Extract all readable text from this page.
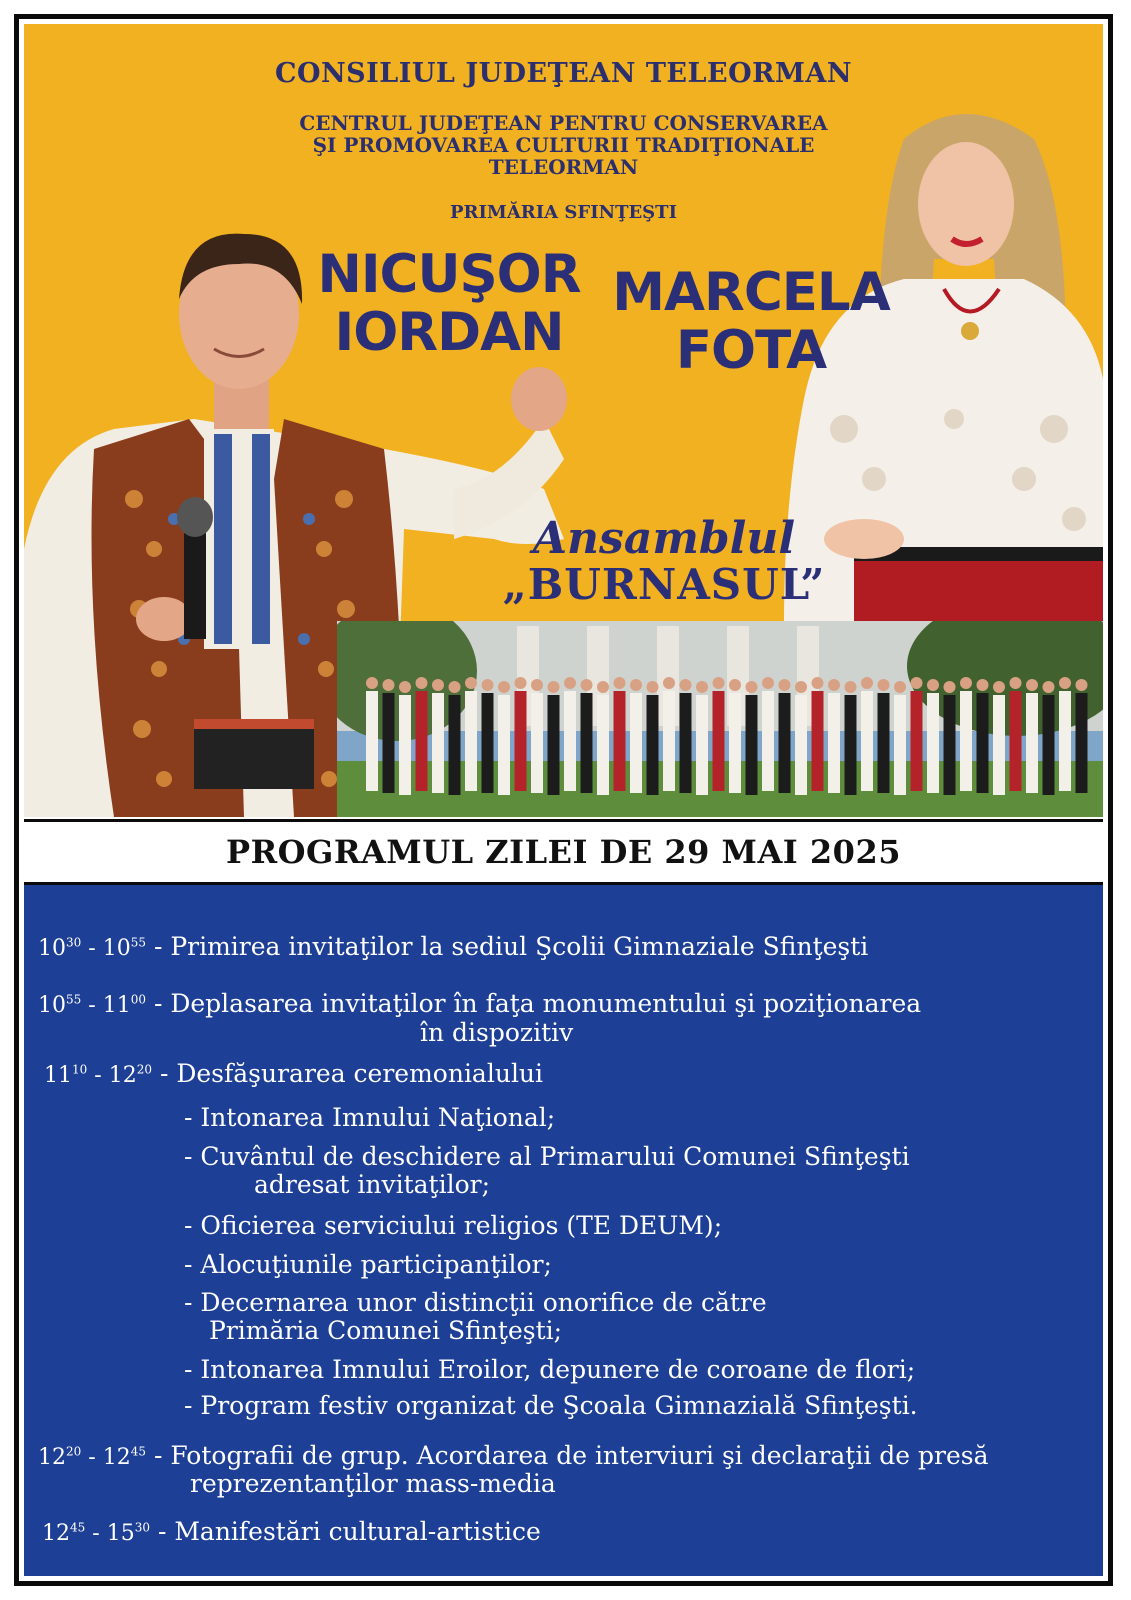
CONSILIUL JUDEŢEAN TELEORMAN
CENTRUL JUDEŢEAN PENTRU CONSERVAREA
ŞI PROMOVAREA CULTURII TRADIŢIONALE
TELEORMAN
PRIMĂRIA SFINŢEŞTI
NICUŞOR
IORDAN
MARCELA
FOTA
Ansamblul
„BURNASUL”
PROGRAMUL ZILEI DE 29 MAI 2025
$10^{30} - 10^{55}$ - Primirea invitaţilor la sediul Şcolii Gimnaziale Sfinţeşti
$10^{55} - 11^{00}$ - Deplasarea invitaţilor în faţa monumentului şi poziţionarea
în dispozitiv
$11^{10} - 12^{20}$ - Desfăşurarea ceremonialului
- Intonarea Imnului Naţional;
- Cuvântul de deschidere al Primarului Comunei Sfinţeşti
adresat invitaţilor;
- Oficierea serviciului religios (TE DEUM);
- Alocuţiunile participanţilor;
- Decernarea unor distincţii onorifice de către
Primăria Comunei Sfinţeşti;
- Intonarea Imnului Eroilor, depunere de coroane de flori;
- Program festiv organizat de Şcoala Gimnazială Sfinţeşti.
$12^{20} - 12^{45}$ - Fotografii de grup. Acordarea de interviuri şi declaraţii de presă
reprezentanţilor mass-media
$12^{45} - 15^{30}$ - Manifestări cultural-artistice
